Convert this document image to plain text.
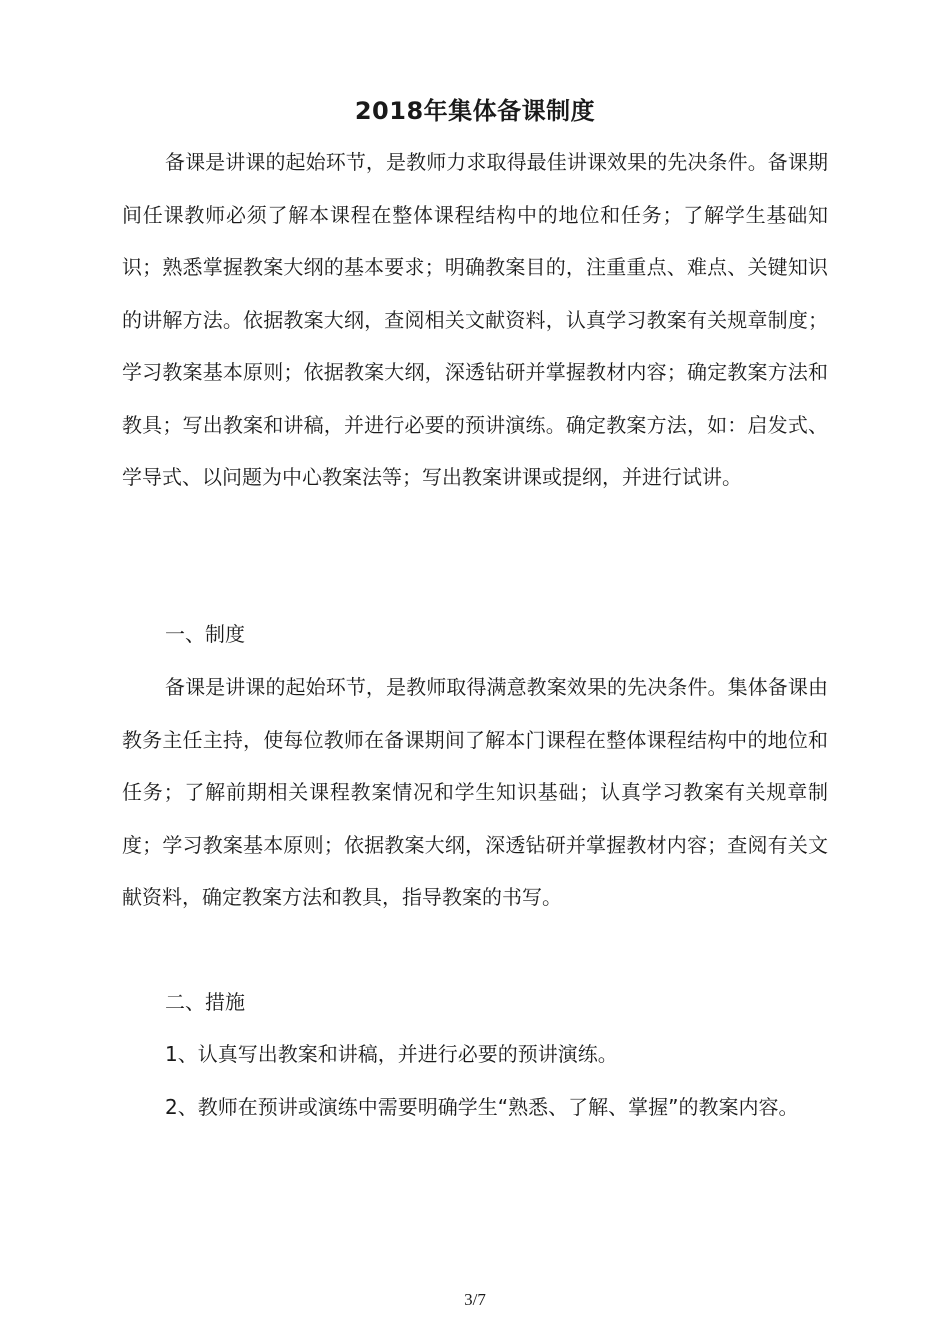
2018年集体备课制度

备课是讲课的起始环节，是教师力求取得最佳讲课效果的先决条件。备课期间任课教师必须了解本课程在整体课程结构中的地位和任务；了解学生基础知识；熟悉掌握教案大纲的基本要求；明确教案目的，注重重点、难点、关键知识的讲解方法。依据教案大纲，查阅相关文献资料，认真学习教案有关规章制度；学习教案基本原则；依据教案大纲，深透钻研并掌握教材内容；确定教案方法和教具；写出教案和讲稿，并进行必要的预讲演练。确定教案方法，如：启发式、学导式、以问题为中心教案法等；写出教案讲课或提纲，并进行试讲。

一、制度

备课是讲课的起始环节，是教师取得满意教案效果的先决条件。集体备课由教务主任主持，使每位教师在备课期间了解本门课程在整体课程结构中的地位和任务；了解前期相关课程教案情况和学生知识基础；认真学习教案有关规章制度；学习教案基本原则；依据教案大纲，深透钻研并掌握教材内容；查阅有关文献资料，确定教案方法和教具，指导教案的书写。

二、措施

1、认真写出教案和讲稿，并进行必要的预讲演练。

2、教师在预讲或演练中需要明确学生“熟悉、了解、掌握”的教案内容。

3/7
